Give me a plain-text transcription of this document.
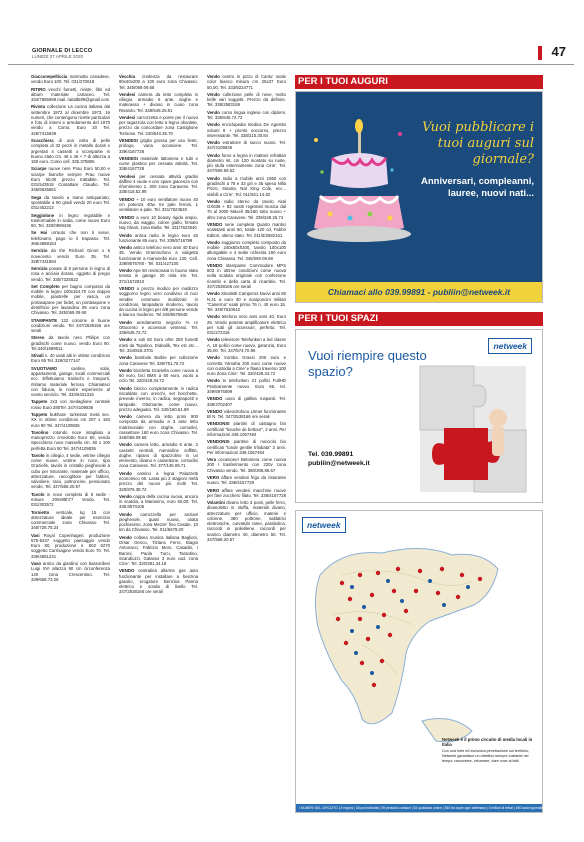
GIORNALE DI LECCO
LUNEDÌ 27 APRILE 2020	47
Giacconepelliccia marmotta canadese, vendo Euro 100. Tel. 031/270618
RITIRO vecchi fumetti, riviste, libri ed album materiale cartaceo. Tel. 334/7865699 mail. raitalbt89@gmail.com
Rivista collezione La cucina italiana dal settembre 1972 al dicembre 1973, 16 numeri, che contengono ricette particolari e foto di interni e arredamento del 1970 vendo a Como, Euro 20 Tel. 328/7415639
Scacchiera di una volta di pelle completa di 32 pezzi in metallo dorati e argentati 4 cassetti o scompartie in buono stato cm. 46 x 46 + 7 di altezza a 150 euro. Como cell. 335.375806
Sciarpe nuove nere Prau Euro 50,00 e sciarpe bianche sempre Prau nuove Euro 50,00 prezzo trattabile. Tel. 031/543518 Contattare Claudio. Tel. 345/6625661
Sega da tavolo a mano antiquariato, spostabile a 90 gradi vendo 20 euro Tel. 031/452213
Seggiolone in legno regolabile e trasformabile in sedia, come nuovo Euro 50. Tel. 320/0959436
Se Hai un'auto che non ti serve, telefonami, pago io il trapasso. Tel. 366/4868184
Servizio da the Richard Ginori x 6 novecento vendo Euro 35. Tel. 328/7431894
Servizio posate di 8 persone in legno di rosa e acciaio dorato, oggetto di pregio vendo. Tel. 335/7325522
Set Completo per bagno composto da mobile in legno 100x164,70 con doppio mobile, piastrelle per vasca, un portasapone per bidet, un portasapone e dentifricio per lavandino 95 euro zona Chivasso. Tel. 345/069 09 68
STAMPANTE 132 colonne in buone condizioni vendo. Tel 347/2538166 ore serali
Stereo da tavolo nero Philips con giradischi come nuovo, vendo Euro 90. Tel.340/1699511
Stivali n. 40 usati alti in ottime condizioni Euro 65 Tel. 329/3277147
SVUOTIAMO cantine, solai, appartamenti, garage, locali commerciali ecc. Effettuiamo traslochi e trasporti, ritiriamo materiale ferroso. Chiamateci con fiducia, le nostre esperienze al vostro servizio. Tel. 333/6431316
Tappeto 2x3 con medaglione centrale rosso Euro 280Tel. 347/4109836
Tappeto bukhara- turkestan metà sec. XX in ottime condizioni cm 257 x 183 euro 90 Tel. 347/4109836
Tavolino rotondo noce intagliato a manoprezzo cmvolotto Euro 60, vendo Specchiera noce massello cm. 60 x 100 perfetta Euro 50 Tel. 347/4109836
Tavolo in ciliegio, 4 sedie, vetrine ciliegio come nuove, vetrine in noce, tipo Grazielle, tavolo in cristallo pieghevole a cubo per ristorante, materiale per ufficio, attrezzature, raccoglitore per faldoni, valvoliere, raso, poltroncine, pensionato vende. Tel. 347/568.20.57
Tavolo in noce completo di 6 sedie - misure 200x85h77 Vendo. Tel. 031/303572
Tornietto verticale, kg 15 con attrezzatura ideale per esercizio commerciale zona Chivasso Tel. 340/728.75.24
Vasi Royal Copenhagen: produzione 575-5247 soggetto paesaggio vendo Euro 80, produzione n. 602 5270 soggetto Carrisagine vendo Euro 70. Tel. 339/4651231
Vaso antico da giardino con bassorilievi Luigi XVI altezza 90 cm circonferenza 140 zona Crescentino. Tel. 339/658.73.26
Vecchia credenza da restaurare 80x40x200 a 100 euro zona Chivasso. Tel. 345/069.09.68
Vendesi camera da letto completa in ciliegio, armadio 6 ante, doghe e materasso + divano in cuoio zona Rivarolo. Tel. 348/548.26.81
Vendesi carrozzetta e ponte per il nuovo per ragazzo/a con letto a legno obsolete, prezzo da concordare zona Castiglione Torinese. Tel. 340/640.35.70
VENDESI griglia grossa per uso feste, prologo, varia occasione. Tel. 339/4167728
VENDESI materiale lattoniera e tubi e curve plastica per cessata attività. Tel. 338/4167728
Vendesi per cessata attività gradini daffine 4 vuote e uno spare giacenza con rifornimento 1. 300 zona Caravese. Tel. 338/418.52.98
VENDO + 10 euro ventilatore nuovo 40 cm potenza 40w, tre pale ferrosi, 1 ventilatore a pale. Tel. 331/7823540
VENDO a euro 10 beauty rigido ampio, nuovo, da viaggio, colore giallo, firmato Naj Oleari, zona Biella. Tel. 331/7823540
Vendo antica radio in legno euro 40 funzionante 85 euro. Tel. 339/5716799
Vendo antico telefono nero anni 40 Euro 35. Vendo Grammofono a valigetta funzionante a manovella euro 120. Cell. 339/8576780 - Tel. 031/427100
Vendo Ape 50 revisionata in buono stato tenuta in garage 20 mila km. Tel. 371/1572910
VENDO a prezzo modico per inutilizzo soggiorno legno vero condiviso di noci vendite commune inutilizzati in condizioni, lampadario moderno, tavolo da cucina in legno per 6/8 persone vende a bianco moderno. Tel 349/6576645
Vendo arredamento negozio % re Ottocento e accessori ventessi. Tel. 335/645.72.72
Vendo a soli 60 Euro oltre 250 fumetti misti da Topolino, Diabolik, Tex etc etc... Tel. 334/818.3701
Vendo bambole Barbie per collezione zona Caravese Tel. 339/751.76.72
Vendo bicicletta Graziella come nuova a 60 euro, bici BMX a 50 euro, vuoto a ciclo Tel. 320/428.34.72
Vendo blocco completamente in radica riscaldato con orecchi, set bocchette, prevede inverno, in radica, segnaposti e lampade. Ottomante, come nuovo, prezzo adeguato. Tel. 340/160.61.69
Vendo camera da letto primi 900 composta da armadio a 3 ante letto matrimoniale con doghe, comodini, cassettone 160 euro zona Chivasso. Tel. 345/069.09.68
Vendo camera letto, armadio 6 ante, 2 cassetti centrali, mensoline soffitte, doghe, ripiano di spazzolino in un elemento, divano e cassettone, comodini zona Caravese. Tel. 377/145.09.71
Vendo camino a legna Palazzetti economico 60. Lasta più 2 stagioni metà prezzo del nuovo più molti Tel. 320/876.38.72
Vendo cappa della cucina nuova, ancora in scatola, a Marianino, euro 50,00. Tel. 338.8570105
Vendo carrozzella per anziani pieghevole, quasi nuova, usata pochissimo, zona Mezze' fino Casale, 10 km da Chivasso. Tel. 011/6679.20
Vendo collana musica italiana Baglioni, Omar Genco, Tiziano Ferro, Biagio Antonacci, Fabrizio Moro, Casadei, I Baroni, Paola Turci, Tarantino, Scandiuzzi, Galasso 3 euro cad. zona Cirie'. Tel. 320/381.34.18
VENDO centralina allarme gas auto funzionante per installare a benzina gasolio, erogatore Benzina Parma elettrico e sonda di livello Tel. 347/2538166 ore serali
Vendo centro in pizzo di Cantu' ovale color bianco misura cm 25x37 Euro 50,00. Tel. 333/9224771
Vendo collezione pelle di neve, molto belle vari soggetti. Prezzo da definire. Tel. 338/2583169
Vendo corso lingua inglese con diplomi, Tel. 335/645.72.72
Vendo enciclopedia medica De Agostini volumi 8 + pronto soccorso, prezzo interessante. Tel. 338/215.30.84
Vendo estrattore di succo nuovo. Tel. 347/4109836
Vendo forno a legna in mattoni refrattari diametro int. cm 120 montato su ruote, più stufa esternamente zona Cirie'. Tel. 347/509.59.52
Vendo radio a mobile anni 1950 con giradischi a 78 e 33 giri e 45 spesa Nilla Pizzo, Sinatra, Nat King Cole, ecc... visibili a Cirie'. Tel. 011/921.14.82
Vendo radio stereo da tavolo Akai GX636 + 82 nastri registrati musica dal 70 al 2000 Maxell 35/180 tutto nuovo + altro zona Caravese. Tel. 339/248.26.74
VENDO serie completa Quarto mantici scaletanti anni 50, totale 120 cd, Fabbri Editori, ottimo stato. Tel. 011/5/2582151
Vendo soggiorno completo composto da mobile 240x50xh200, tavolo 100x100 allungabile e 4 sedie richiesta 190 euro zona Chivasso. Tel. 345/069.09.68
VENDO stampante Commodore MPS 803 in ottime condizioni come nuova nella scatola originale con confezione ricambi e della carta di ricambio. Tel. 347/2538166 ore serali
Vendo Stivaletti Camperos Nuovi anni 80 N.41 a euro 40 e scarponcini militari "Caserma" usati primo 76 n. 40 euro 15. Tel. 349/7810642
Vendo telefono nero anni anni 40, Euro 25. Vendo potente amplificatore elettrico per tutti gli accessori, perfetto. Tel. 031/272316
Vendo televisore Telefunken a led classe A, 18 pollici come nuovo, garanzia, Euro 35,00. Tel. 347/574.70.96
Vendo tromba Grassi 200 euro e cornetta Yamaha 200 euro come nuove con custodia a Cirie' e flauto traverso 100 euro Zona Cirie'. Tel. 320/428.34.72
Vendo tv telefunken 21 pollici FullHD Praticamente nuovo. Euro 65. tel. 349/6976099
VENDO uova di gallina ruspanti. Tel. 338/4702407
VENDO videocitofono Urmet funzionante B/ N. Tel. 347/2538166 ore serali
VENDONSI piantini di castagno bio certificati "bouche de bettour", 2 anni. Per informazioni 349.1067494
VENDONSI piantine di nocciolo bio certificati "tonde gentile trilobata" 2 anni. Per informazioni 349.1067494
Vera occasione! Betoniera come nuova 200 l trasferimento con 220v zona Chivasso vendo. Tel. 380/305.86.67
VERO affare vendesi frigo da ristorante nuovo. Tel. 338/4167728
VERO affare vendesi macchine nuove per fare zucchero filato. Tel. 338/4167728
Volantini divano letto 3 posti, pelle ferro, divanoletto in stoffa, materiali divano, attrezzatura per ufficio, materie e colonne, 380 poltrone, saldatrici elettroniche, curvatubi rame, parabolica, raccordi in polietilene, raccordi per scarico diametro 40, diametro 50. Tel. 347/568.20.57
PER I TUOI AUGURI
Vuoi pubblicare i tuoi auguri sul giornale?
Anniversari, compleanni, lauree, nuovi nati...
Chiamaci allo 039.99891 - publiin@netweek.it
PER I TUOI SPAZI
netweek
Vuoi riempire questo spazio?
Tel. 039.99891
publiin@netweek.it
netweek
Netweek è il primo circuito di media locali in Italia
Con una forte ed esclusiva penetrazione sul territorio, Netweek garantisce un obiettivo sempre costante nel tempo: raccontare, informare, dare voce ai fatti.
I NUMERI DEL CIRCUITO | 8 regioni | 38 poli editoriali | 59 periodici cartacei | 53 quotidiani online | 350 tra copie ogni settimana | 3 milioni di lettori | 600 autori giornalistici | 114 agenti commerciali
